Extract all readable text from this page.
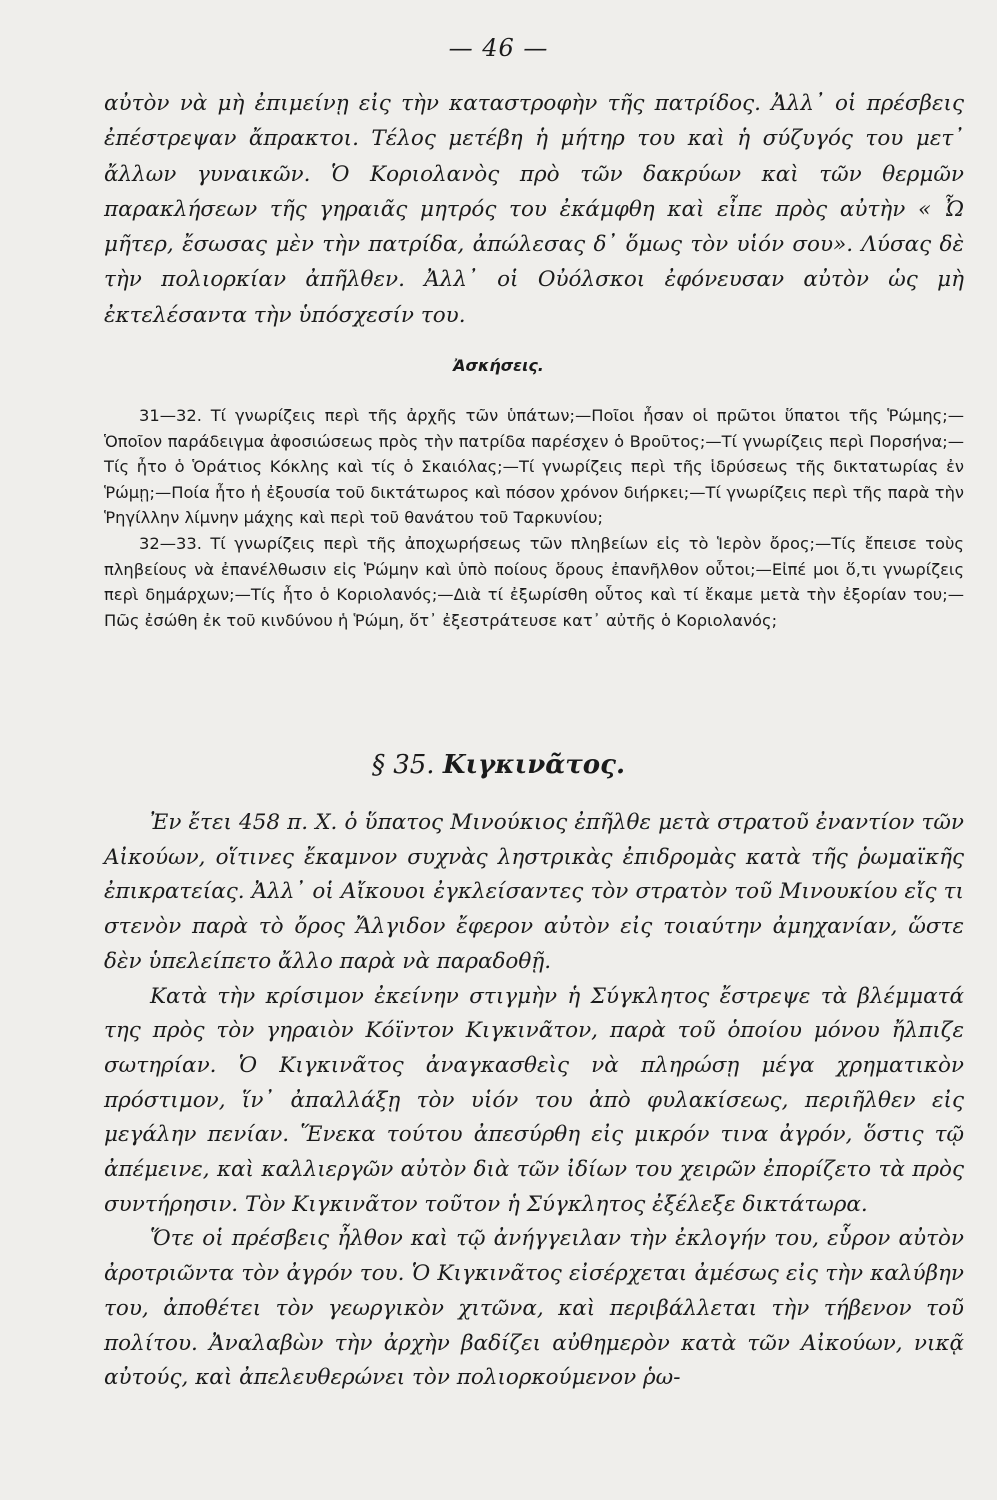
— 46 —
αὐτὸν νὰ μὴ ἐπιμείνῃ εἰς τὴν καταστροφὴν τῆς πατρίδος. Ἀλλ᾽ οἱ πρέσβεις ἐπέστρεψαν ἄπρακτοι. Τέλος μετέβη ἡ μήτηρ του καὶ ἡ σύζυγός του μετ᾽ ἄλλων γυναικῶν. Ὁ Κοριολανὸς πρὸ τῶν δακρύων καὶ τῶν θερμῶν παρακλήσεων τῆς γηραιᾶς μητρός του ἐκάμφθη καὶ εἶπε πρὸς αὐτὴν « Ὦ μῆτερ, ἔσωσας μὲν τὴν πατρίδα, ἀπώλεσας δ᾽ ὅμως τὸν υἱόν σου». Λύσας δὲ τὴν πολιορκίαν ἀπῆλθεν. Ἀλλ᾽ οἱ Οὐόλσκοι ἐφόνευσαν αὐτὸν ὡς μὴ ἐκτελέσαντα τὴν ὑπόσχεσίν του.
Ἀσκήσεις.

31—32. Τί γνωρίζεις περὶ τῆς ἀρχῆς τῶν ὑπάτων;—Ποῖοι ἦσαν οἱ πρῶτοι ὕπατοι τῆς Ῥώμης;—Ὁποῖον παράδειγμα ἀφοσιώσεως πρὸς τὴν πατρίδα παρέσχεν ὁ Βροῦτος;—Τί γνωρίζεις περὶ Πορσήνα;—Τίς ἦτο ὁ Ὁράτιος Κόκλης καὶ τίς ὁ Σκαιόλας;—Τί γνωρίζεις περὶ τῆς ἱδρύσεως τῆς δικτατωρίας ἐν Ῥώμῃ;—Ποία ἦτο ἡ ἐξουσία τοῦ δικτάτωρος καὶ πόσον χρόνον διήρκει;—Τί γνωρίζεις περὶ τῆς παρὰ τὴν Ῥηγίλλην λίμνην μάχης καὶ περὶ τοῦ θανάτου τοῦ Ταρκυνίου;

32—33. Τί γνωρίζεις περὶ τῆς ἀποχωρήσεως τῶν πληβείων εἰς τὸ Ἱερὸν ὄρος;—Τίς ἔπεισε τοὺς πληβείους νὰ ἐπανέλθωσιν εἰς Ῥώμην καὶ ὑπὸ ποίους ὅρους ἐπανῆλθον οὗτοι;—Εἰπέ μοι ὅ,τι γνωρίζεις περὶ δημάρχων;—Τίς ἦτο ὁ Κοριολανός;—Διὰ τί ἐξωρίσθη οὗτος καὶ τί ἔκαμε μετὰ τὴν ἐξορίαν του;—Πῶς ἐσώθη ἐκ τοῦ κινδύνου ἡ Ῥώμη, ὅτ᾽ ἐξεστράτευσε κατ᾽ αὐτῆς ὁ Κοριολανός;

§ 35. Κιγκινᾶτος.

Ἐν ἔτει 458 π. Χ. ὁ ὕπατος Μινούκιος ἐπῆλθε μετὰ στρατοῦ ἐναντίον τῶν Αἰκούων, οἵτινες ἔκαμνον συχνὰς ληστρικὰς ἐπιδρομὰς κατὰ τῆς ῥωμαϊκῆς ἐπικρατείας. Ἀλλ᾽ οἱ Αἴκουοι ἐγκλείσαντες τὸν στρατὸν τοῦ Μινουκίου εἴς τι στενὸν παρὰ τὸ ὄρος Ἄλγιδον ἔφερον αὐτὸν εἰς τοιαύτην ἀμηχανίαν, ὥστε δὲν ὑπελείπετο ἄλλο παρὰ νὰ παραδοθῇ.

Κατὰ τὴν κρίσιμον ἐκείνην στιγμὴν ἡ Σύγκλητος ἔστρεψε τὰ βλέμματά της πρὸς τὸν γηραιὸν Κόϊντον Κιγκινᾶτον, παρὰ τοῦ ὁποίου μόνου ἤλπιζε σωτηρίαν. Ὁ Κιγκινᾶτος ἀναγκασθεὶς νὰ πληρώσῃ μέγα χρηματικὸν πρόστιμον, ἵν᾽ ἀπαλλάξῃ τὸν υἱόν του ἀπὸ φυλακίσεως, περιῆλθεν εἰς μεγάλην πενίαν. Ἕνεκα τούτου ἀπεσύρθη εἰς μικρόν τινα ἀγρόν, ὅστις τῷ ἀπέμεινε, καὶ καλλιεργῶν αὐτὸν διὰ τῶν ἰδίων του χειρῶν ἐπορίζετο τὰ πρὸς συντήρησιν. Τὸν Κιγκινᾶτον τοῦτον ἡ Σύγκλητος ἐξέλεξε δικτάτωρα.

Ὅτε οἱ πρέσβεις ἦλθον καὶ τῷ ἀνήγγειλαν τὴν ἐκλογήν του, εὗρον αὐτὸν ἀροτριῶντα τὸν ἀγρόν του. Ὁ Κιγκινᾶτος εἰσέρχεται ἀμέσως εἰς τὴν καλύβην του, ἀποθέτει τὸν γεωργικὸν χιτῶνα, καὶ περιβάλλεται τὴν τήβενον τοῦ πολίτου. Ἀναλαβὼν τὴν ἀρχὴν βαδίζει αὐθημερὸν κατὰ τῶν Αἰκούων, νικᾷ αὐτούς, καὶ ἀπελευθερώνει τὸν πολιορκούμενον ῥω-
